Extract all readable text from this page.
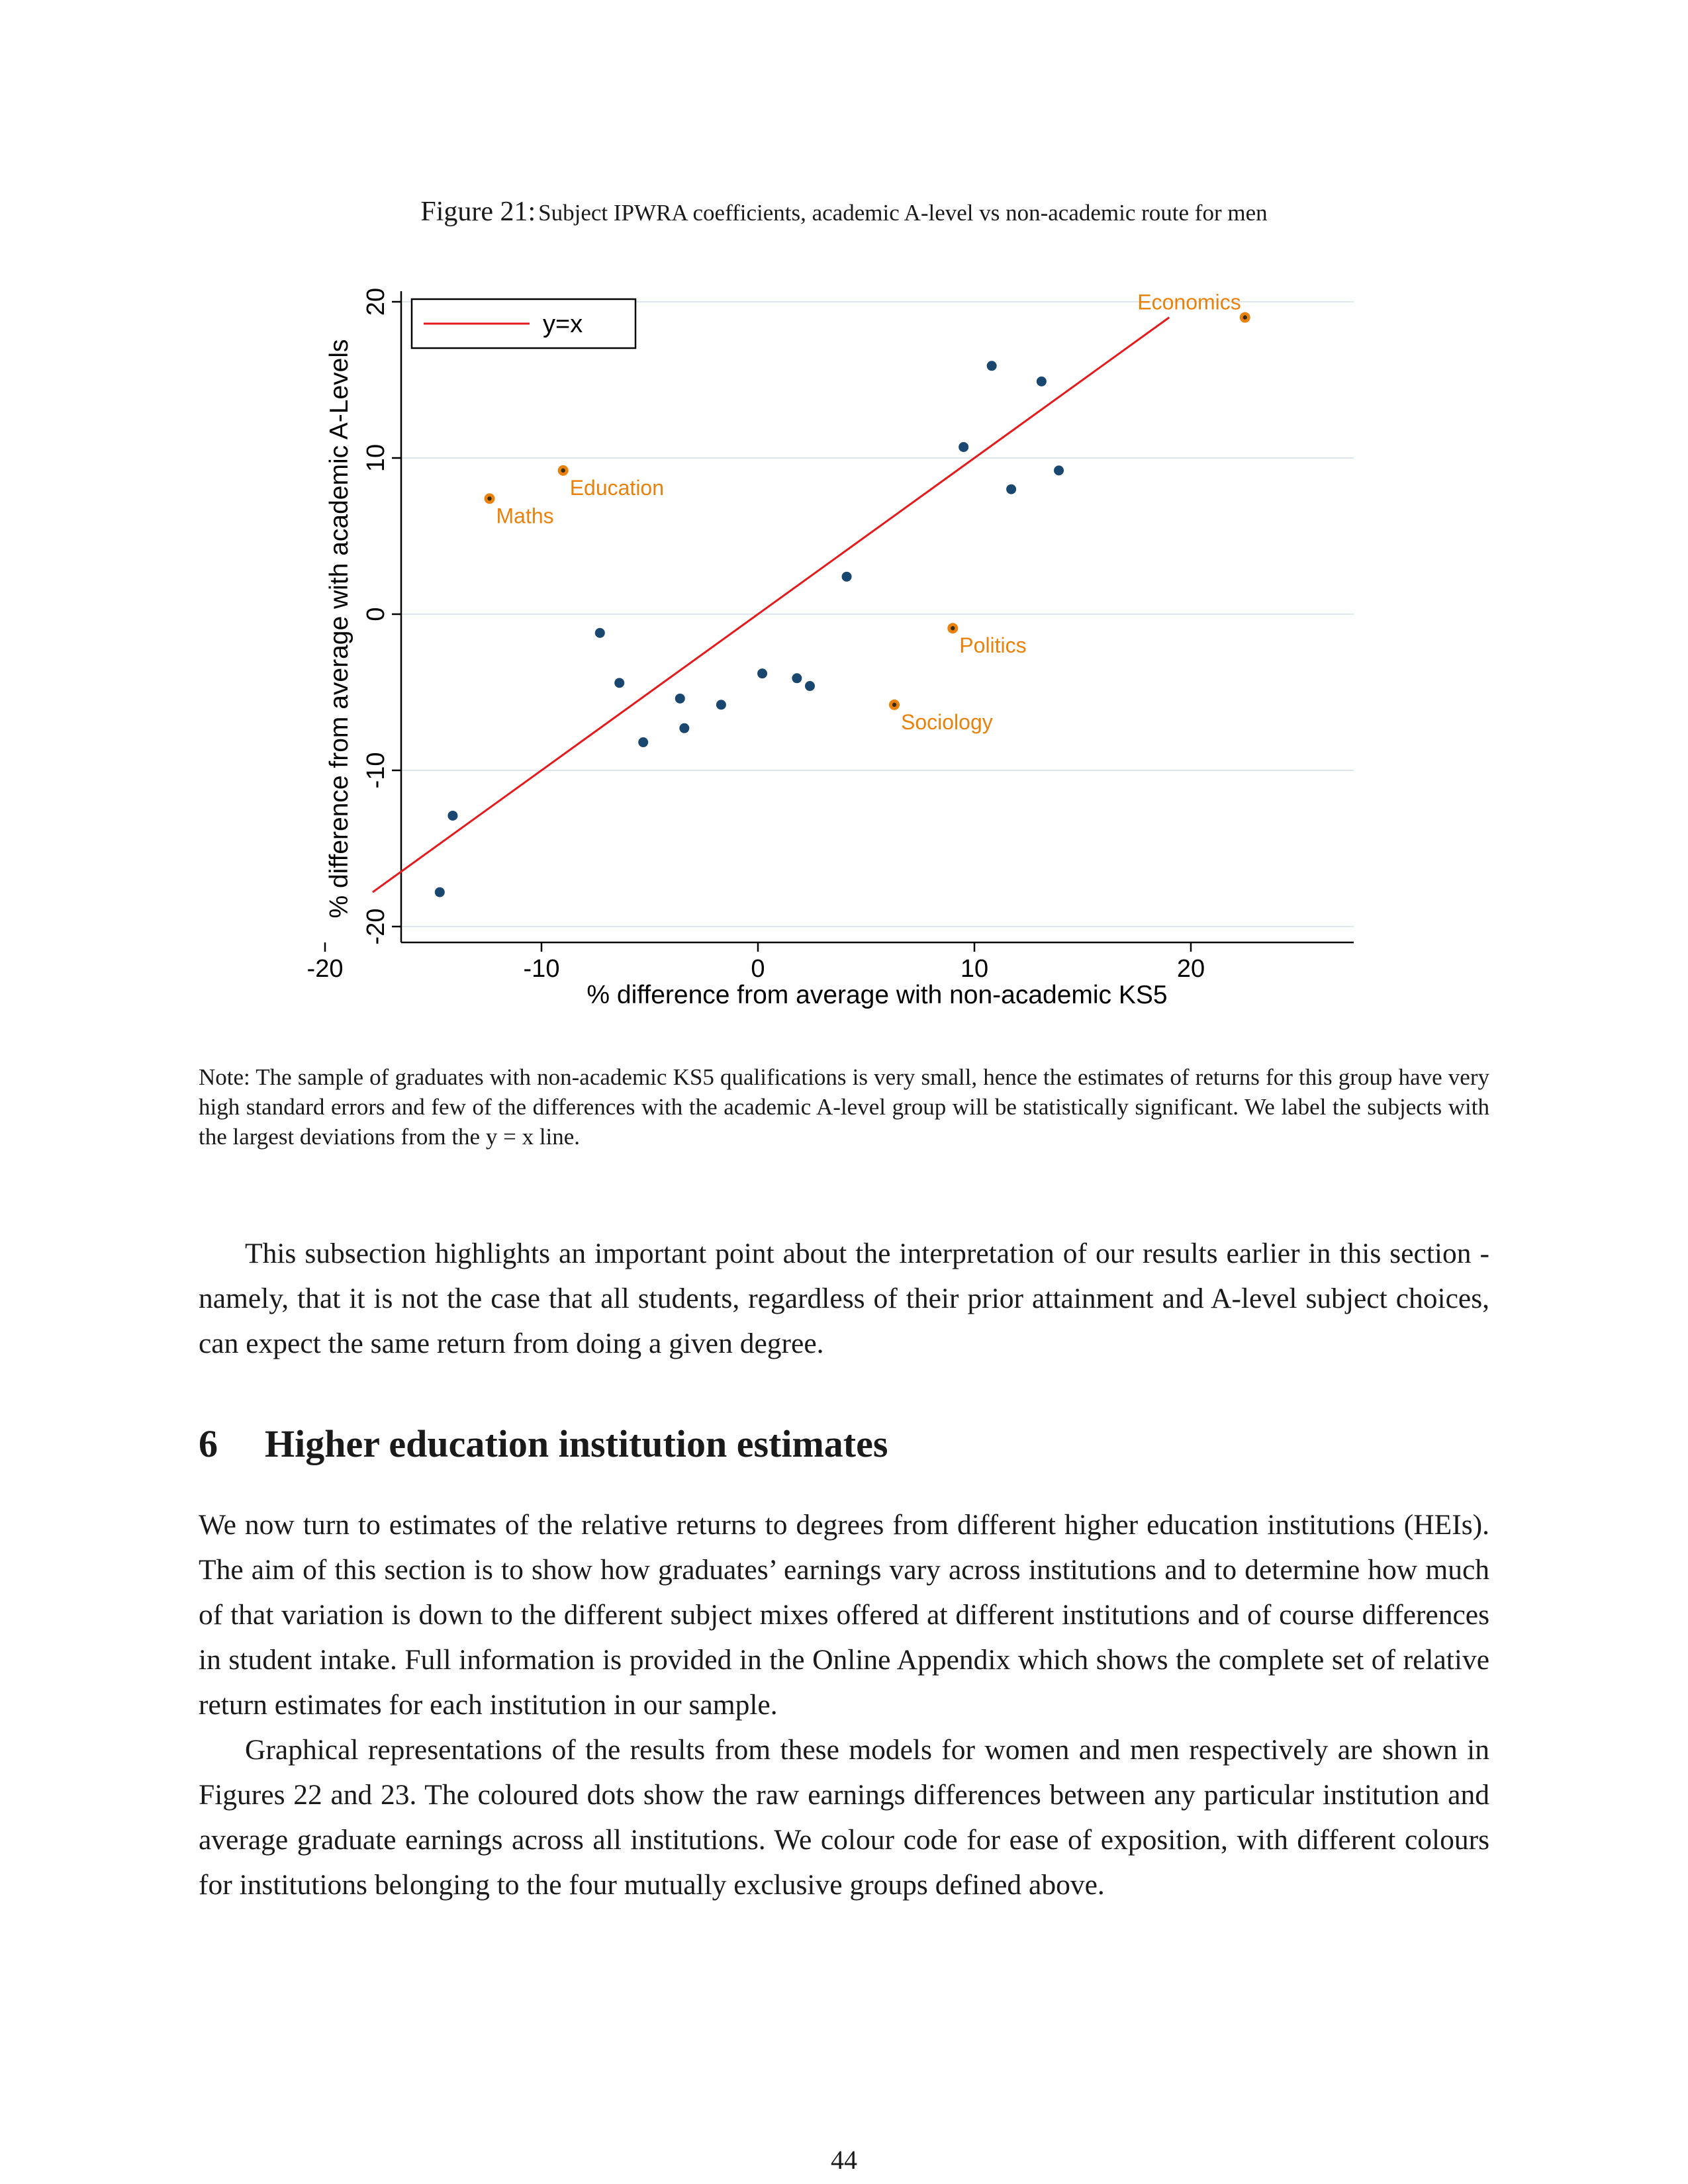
Figure 21: Subject IPWRA coefficients, academic A-level vs non-academic route for men
-20
-10
0
10
20
-20	-10	0	10	20
Maths
Education
Politics
Sociology
Economics
y=x
% difference from average with non-academic KS5
% difference from average with academic A-Levels
Note: The sample of graduates with non-academic KS5 qualifications is very small, hence the estimates of returns for this group have very high standard errors and few of the differences with the academic A-level group will be statistically significant. We label the subjects with the largest deviations from the y = x line.

This subsection highlights an important point about the interpretation of our results earlier in this section - namely, that it is not the case that all students, regardless of their prior attainment and A-level subject choices, can expect the same return from doing a given degree.

6 Higher education institution estimates

We now turn to estimates of the relative returns to degrees from different higher education institutions (HEIs). The aim of this section is to show how graduates’ earnings vary across institutions and to determine how much of that variation is down to the different subject mixes offered at different institutions and of course differences in student intake. Full information is provided in the Online Appendix which shows the complete set of relative return estimates for each institution in our sample.

Graphical representations of the results from these models for women and men respectively are shown in Figures 22 and 23. The coloured dots show the raw earnings differences between any particular institution and average graduate earnings across all institutions. We colour code for ease of exposition, with different colours for institutions belonging to the four mutually exclusive groups defined above.

44
